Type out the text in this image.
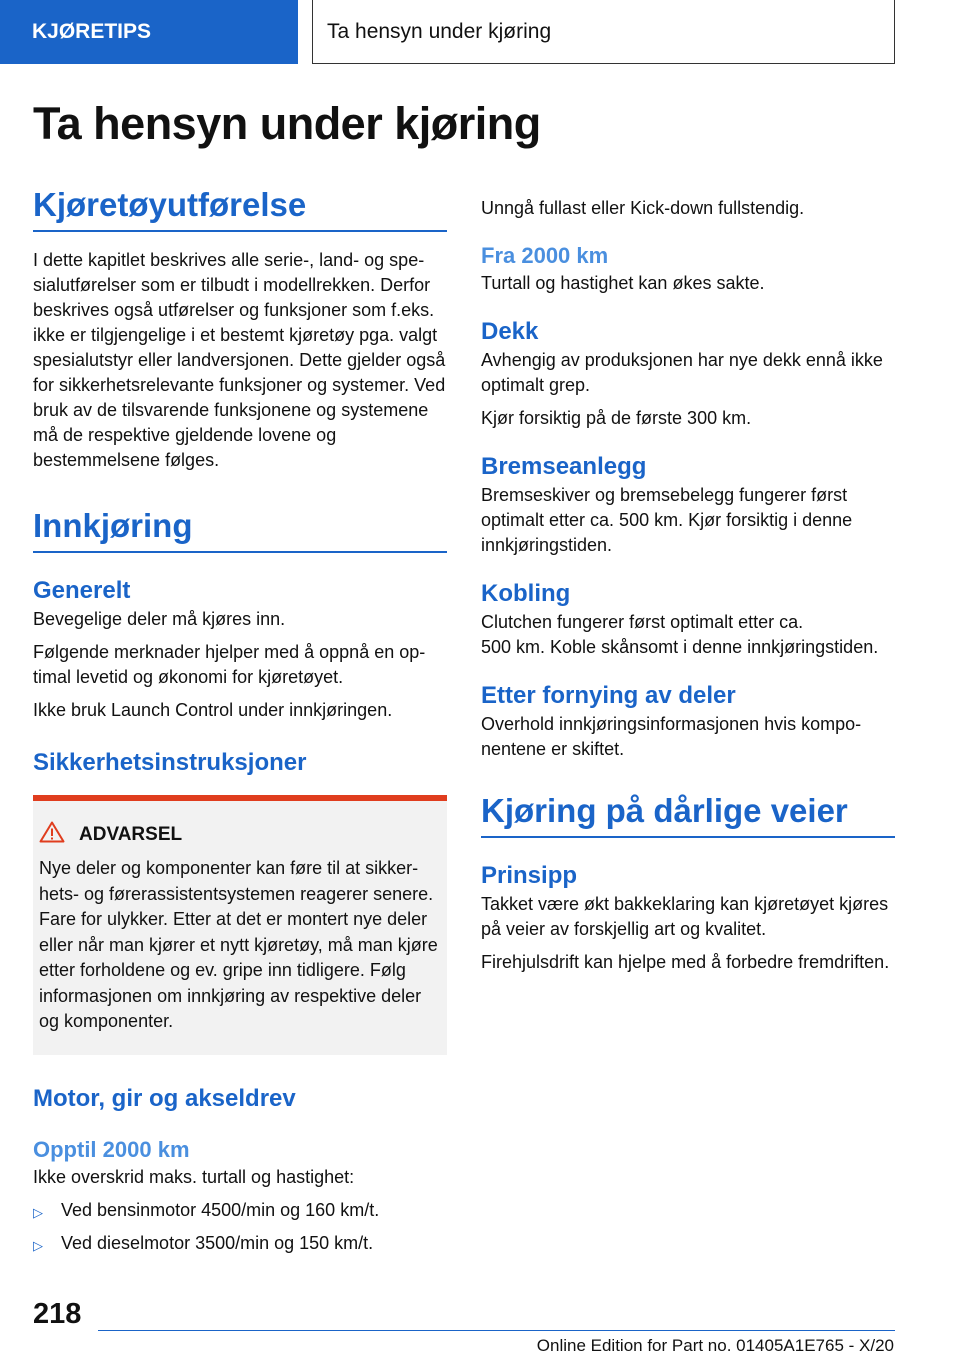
KJØRETIPS	Ta hensyn under kjøring
Ta hensyn under kjøring
Kjøretøyutførelse

I dette kapitlet beskrives alle serie-, land- og spesialutførelser som er tilbudt i modellrekken. Derfor beskrives også utførelser og funksjoner som f.eks. ikke er tilgjengelige i et bestemt kjøretøy pga. valgt spesialutstyr eller landversjonen. Dette gjelder også for sikkerhetsrelevante funksjoner og systemer. Ved bruk av de tilsvarende funksjonene og systemene må de respektive gjeldende lovene og bestemmelsene følges.

Innkjøring
Generelt

Bevegelige deler må kjøres inn.

Følgende merknader hjelper med å oppnå en optimal levetid og økonomi for kjøretøyet.

Ikke bruk Launch Control under innkjøringen.

Sikkerhetsinstruksjoner
ADVARSEL

Nye deler og komponenter kan føre til at sikkerhets- og førerassistentsystemen reagerer senere. Fare for ulykker. Etter at det er montert nye deler eller når man kjører et nytt kjøretøy, må man kjøre etter forholdene og ev. gripe inn tidligere. Følg informasjonen om innkjøring av respektive deler og komponenter.

Motor, gir og akseldrev
Opptil 2000 km

Ikke overskrid maks. turtall og hastighet:

▷	Ved bensinmotor 4500/min og 160 km/t.
▷	Ved dieselmotor 3500/min og 150 km/t.

Unngå fullast eller Kick-down fullstendig.

Fra 2000 km

Turtall og hastighet kan økes sakte.

Dekk

Avhengig av produksjonen har nye dekk ennå ikke optimalt grep.

Kjør forsiktig på de første 300 km.

Bremseanlegg

Bremseskiver og bremsebelegg fungerer først optimalt etter ca. 500 km. Kjør forsiktig i denne innkjøringstiden.

Kobling

Clutchen fungerer først optimalt etter ca.

500 km. Koble skånsomt i denne innkjøringstiden.

Etter fornying av deler

Overhold innkjøringsinformasjonen hvis komponentene er skiftet.

Kjøring på dårlige veier
Prinsipp

Takket være økt bakkeklaring kan kjøretøyet kjøres på veier av forskjellig art og kvalitet.

Firehjulsdrift kan hjelpe med å forbedre fremdriften.

218
Online Edition for Part no. 01405A1E765 - X/20
